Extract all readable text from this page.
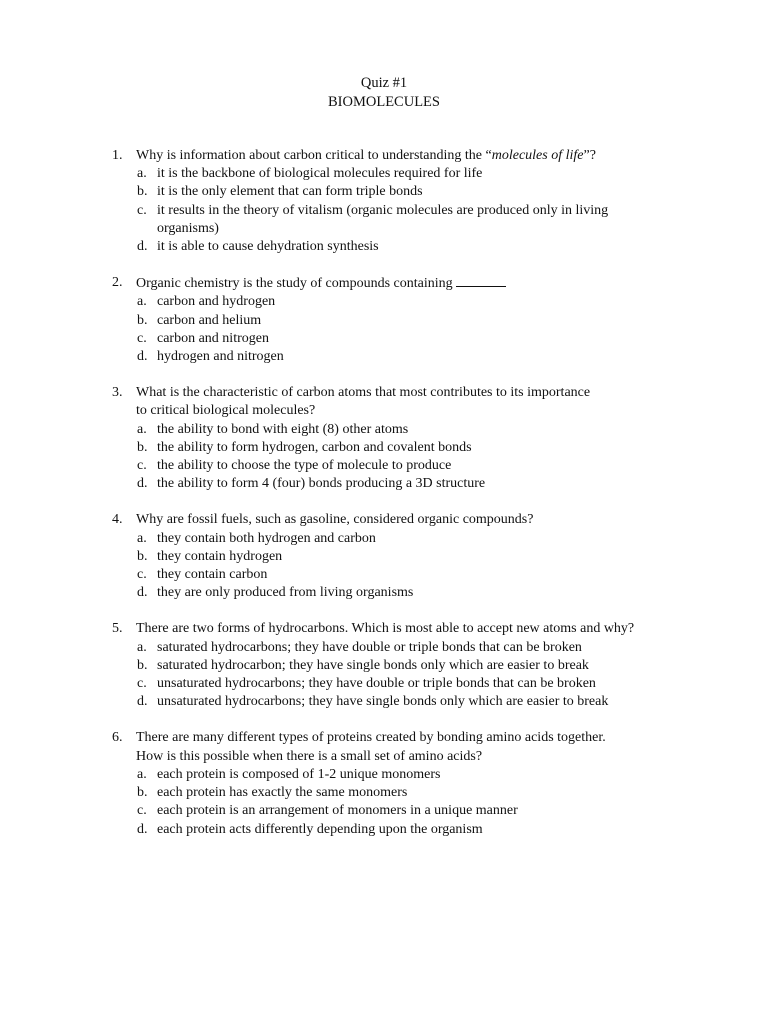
Quiz #1
BIOMOLECULES
1. Why is information about carbon critical to understanding the “molecules of life”?
a. it is the backbone of biological molecules required for life
b. it is the only element that can form triple bonds
c. it results in the theory of vitalism (organic molecules are produced only in living organisms)
d. it is able to cause dehydration synthesis
2. Organic chemistry is the study of compounds containing
a. carbon and hydrogen
b. carbon and helium
c. carbon and nitrogen
d. hydrogen and nitrogen
3. What is the characteristic of carbon atoms that most contributes to its importance to critical biological molecules?
a. the ability to bond with eight (8) other atoms
b. the ability to form hydrogen, carbon and covalent bonds
c. the ability to choose the type of molecule to produce
d. the ability to form 4 (four) bonds producing a 3D structure
4. Why are fossil fuels, such as gasoline, considered organic compounds?
a. they contain both hydrogen and carbon
b. they contain hydrogen
c. they contain carbon
d. they are only produced from living organisms
5. There are two forms of hydrocarbons. Which is most able to accept new atoms and why?
a. saturated hydrocarbons; they have double or triple bonds that can be broken
b. saturated hydrocarbon; they have single bonds only which are easier to break
c. unsaturated hydrocarbons; they have double or triple bonds that can be broken
d. unsaturated hydrocarbons; they have single bonds only which are easier to break
6. There are many different types of proteins created by bonding amino acids together. How is this possible when there is a small set of amino acids?
a. each protein is composed of 1-2 unique monomers
b. each protein has exactly the same monomers
c. each protein is an arrangement of monomers in a unique manner
d. each protein acts differently depending upon the organism
